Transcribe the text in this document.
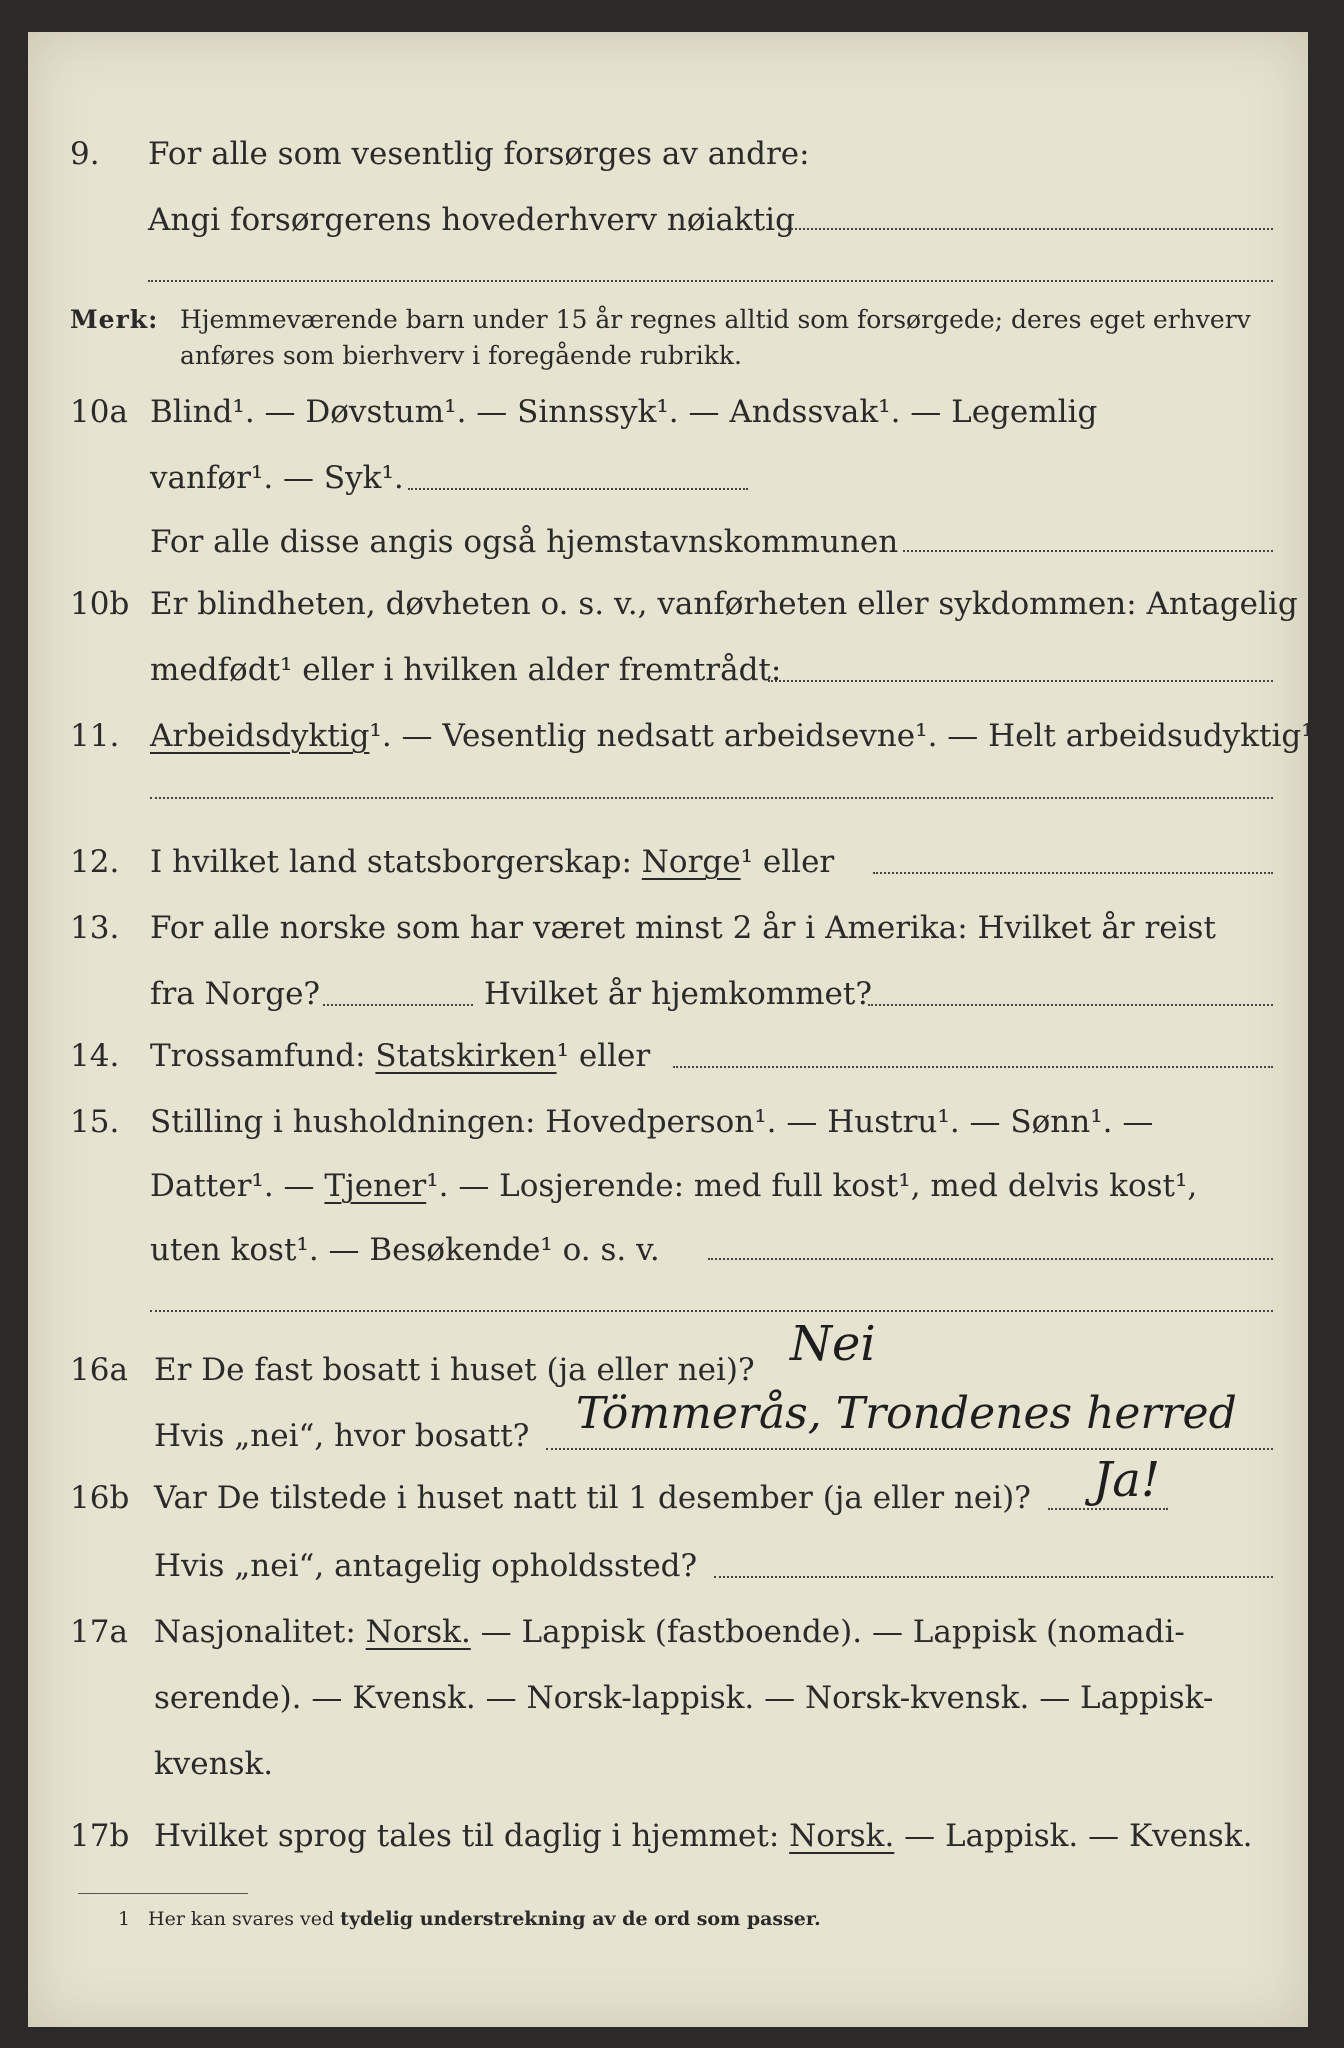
9. For alle som vesentlig forsørges av andre:
Angi forsørgerens hovederhverv nøiaktig
Merk: Hjemmeværende barn under 15 år regnes alltid som forsørgede; deres eget erhverv
anføres som bierhverv i foregående rubrikk.
10a Blind¹. — Døvstum¹. — Sinnssyk¹. — Andssvak¹. — Legemlig
vanfør¹. — Syk¹.
For alle disse angis også hjemstavnskommunen
10b Er blindheten, døvheten o. s. v., vanførheten eller sykdommen: Antagelig
medfødt¹ eller i hvilken alder fremtrådt:
11. Arbeidsdyktig¹. — Vesentlig nedsatt arbeidsevne¹. — Helt arbeidsudyktig¹.
12. I hvilket land statsborgerskap: Norge¹ eller
13. For alle norske som har været minst 2 år i Amerika: Hvilket år reist
fra Norge?	Hvilket år hjemkommet?
14. Trossamfund: Statskirken¹ eller
15. Stilling i husholdningen: Hovedperson¹. — Hustru¹. — Sønn¹. —
Datter¹. — Tjener¹. — Losjerende: med full kost¹, med delvis kost¹,
uten kost¹. — Besøkende¹ o. s. v.
16a Er De fast bosatt i huset (ja eller nei)? Nei
Hvis „nei“, hvor bosatt? Tömmerås, Trondenes herred
16b Var De tilstede i huset natt til 1 desember (ja eller nei)? Ja!
Hvis „nei“, antagelig opholdssted?
17a Nasjonalitet: Norsk. — Lappisk (fastboende). — Lappisk (nomadi-
serende). — Kvensk. — Norsk-lappisk. — Norsk-kvensk. — Lappisk-
kvensk.
17b Hvilket sprog tales til daglig i hjemmet: Norsk. — Lappisk. — Kvensk.
1 Her kan svares ved tydelig understrekning av de ord som passer.
